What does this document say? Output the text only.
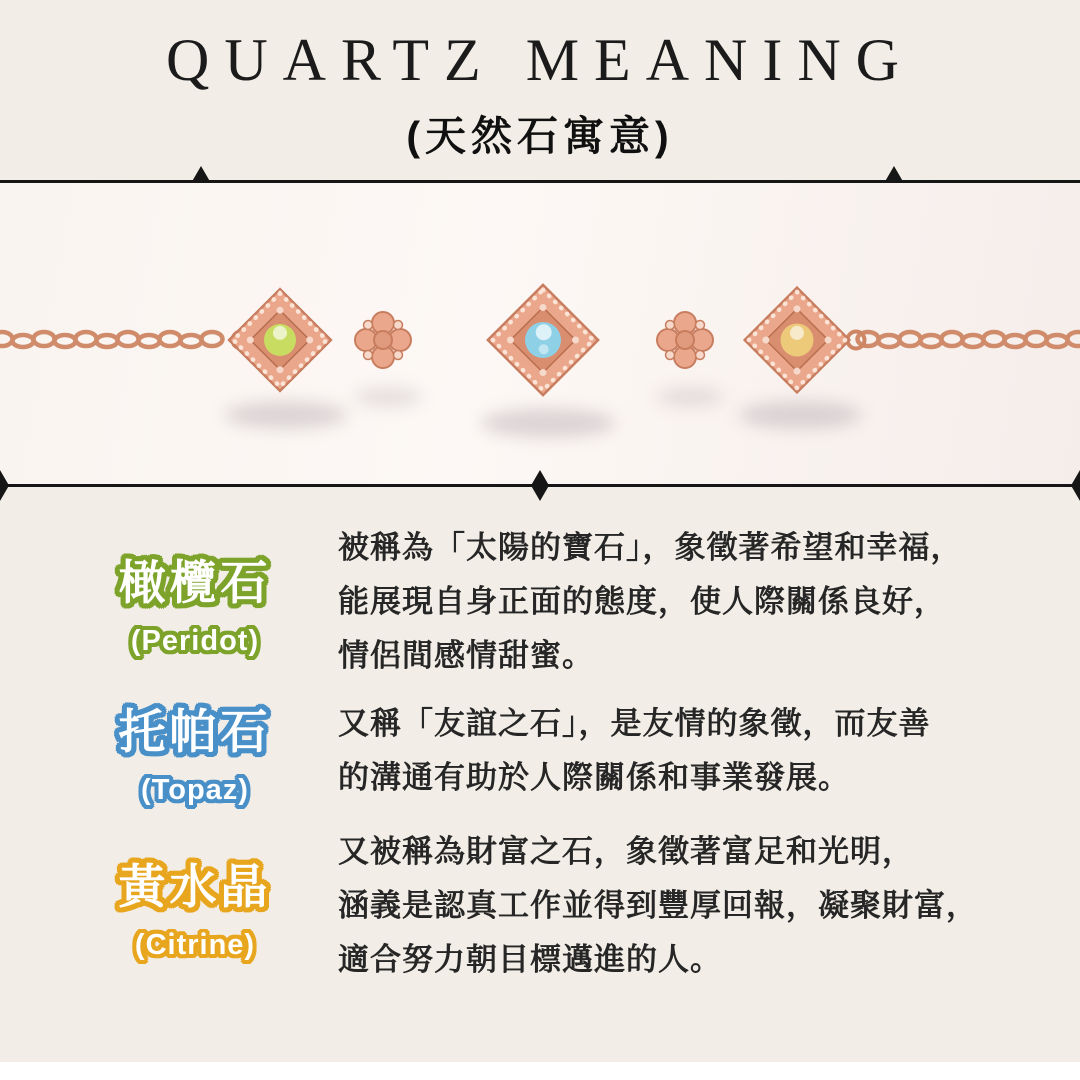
QUARTZ MEANING
(天然石寓意)
橄欖石
(Peridot)
被稱為「太陽的寶石」，象徵著希望和幸福，
能展現自身正面的態度，使人際關係良好，
情侶間感情甜蜜。
托帕石
(Topaz)
又稱「友誼之石」，是友情的象徵，而友善
的溝通有助於人際關係和事業發展。
黃水晶
(Citrine)
又被稱為財富之石，象徵著富足和光明，
涵義是認真工作並得到豐厚回報，凝聚財富，
適合努力朝目標邁進的人。
